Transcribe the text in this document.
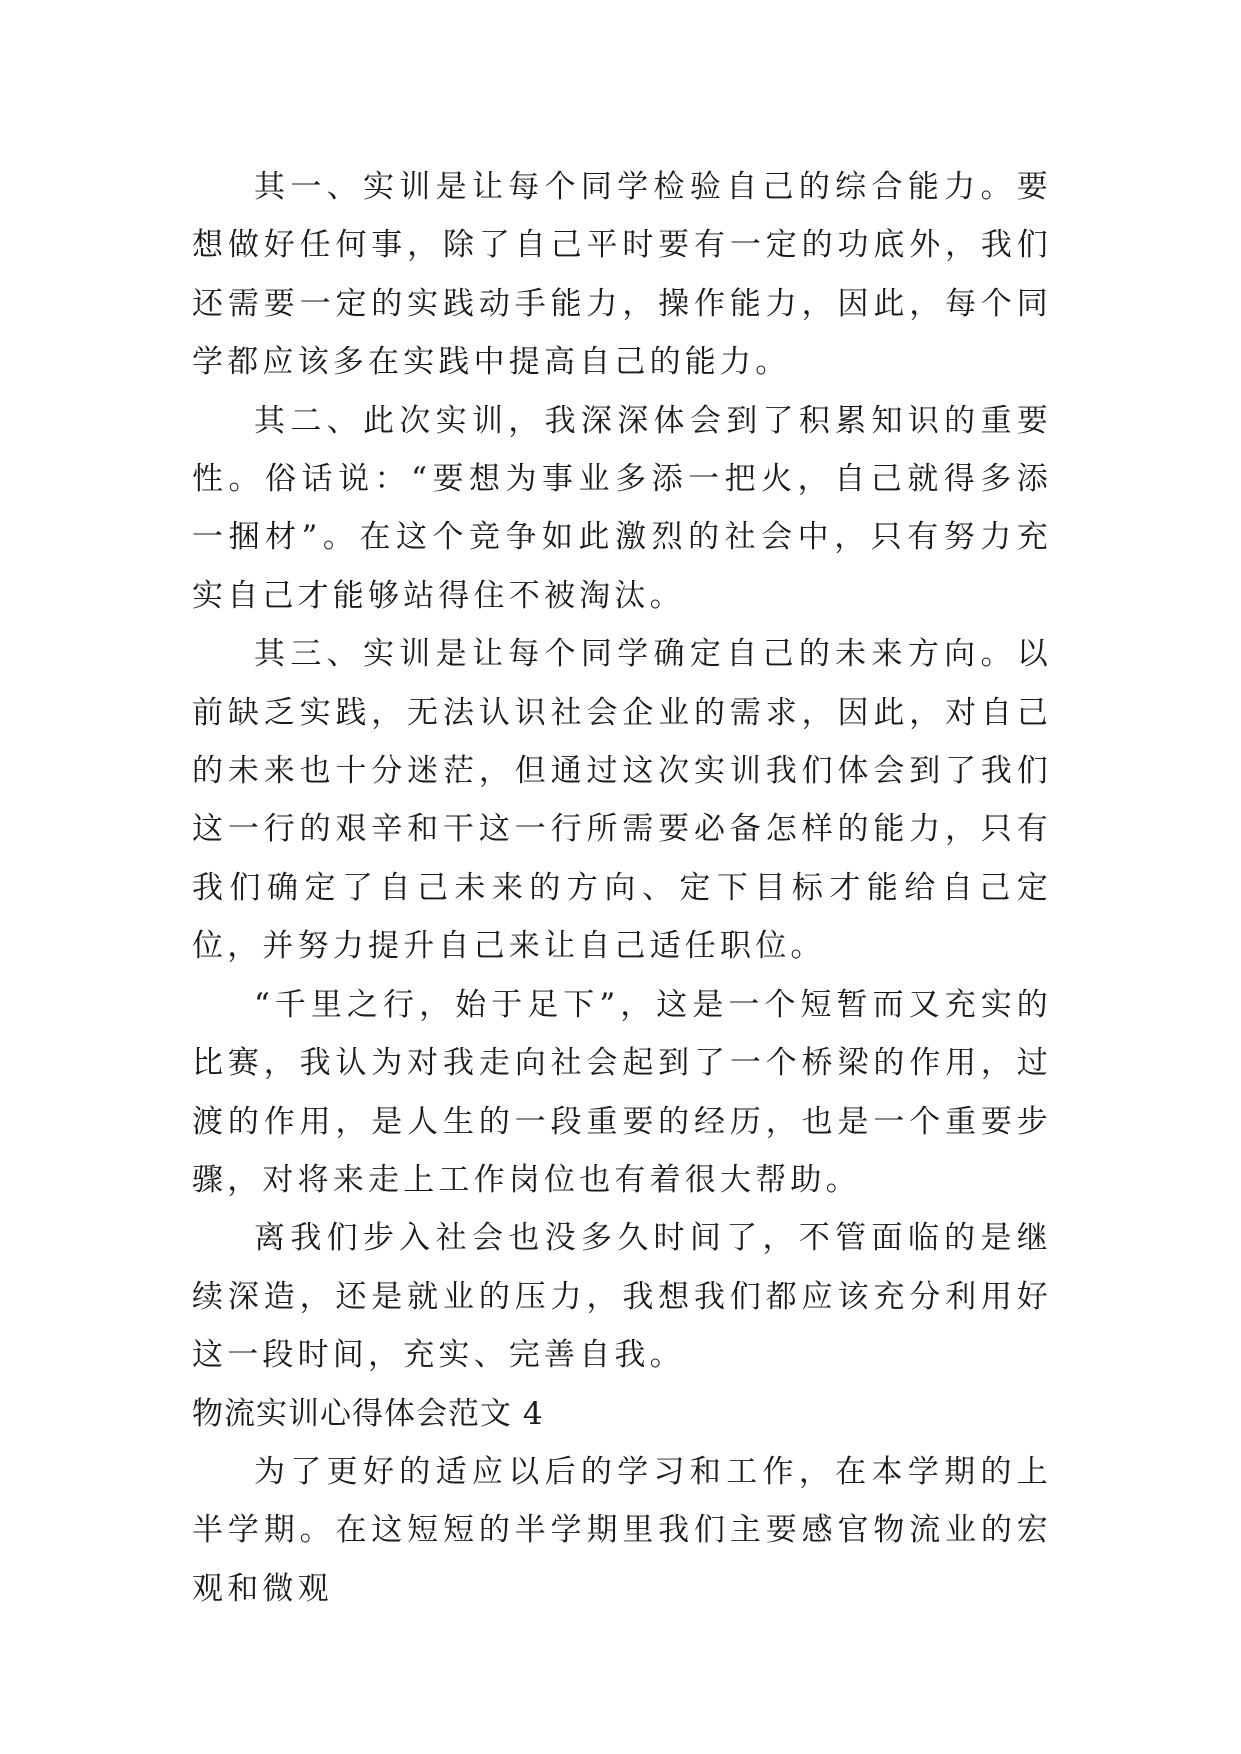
其一、实训是让每个同学检验自己的综合能力。要想做好任何事，除了自己平时要有一定的功底外，我们还需要一定的实践动手能力，操作能力，因此，每个同学都应该多在实践中提高自己的能力。

其二、此次实训，我深深体会到了积累知识的重要性。俗话说：“要想为事业多添一把火，自己就得多添一捆材”。在这个竞争如此激烈的社会中，只有努力充实自己才能够站得住不被淘汰。

其三、实训是让每个同学确定自己的未来方向。以前缺乏实践，无法认识社会企业的需求，因此，对自己的未来也十分迷茫，但通过这次实训我们体会到了我们这一行的艰辛和干这一行所需要必备怎样的能力，只有我们确定了自己未来的方向、定下目标才能给自己定位，并努力提升自己来让自己适任职位。

“千里之行，始于足下”，这是一个短暂而又充实的比赛，我认为对我走向社会起到了一个桥梁的作用，过渡的作用，是人生的一段重要的经历，也是一个重要步骤，对将来走上工作岗位也有着很大帮助。

离我们步入社会也没多久时间了，不管面临的是继续深造，还是就业的压力，我想我们都应该充分利用好这一段时间，充实、完善自我。

物流实训心得体会范文 4

为了更好的适应以后的学习和工作，在本学期的上半学期。在这短短的半学期里我们主要感官物流业的宏观和微观
